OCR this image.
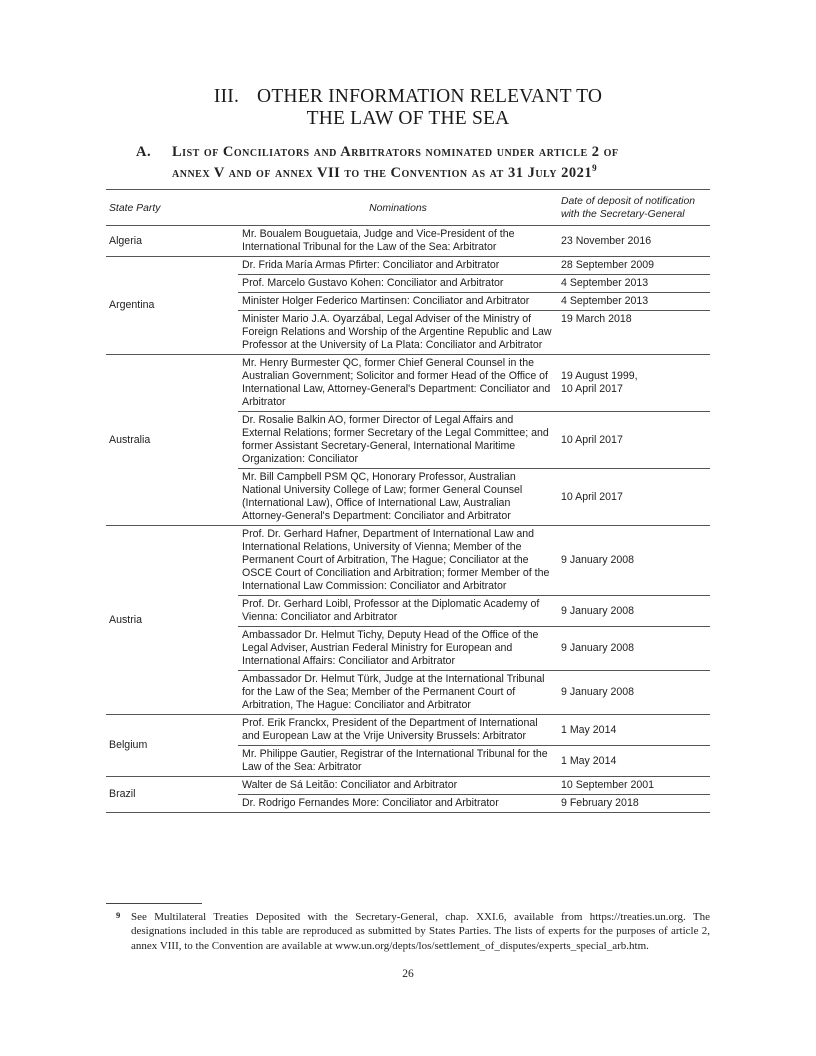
III. OTHER INFORMATION RELEVANT TO
THE LAW OF THE SEA
A.	List of Conciliators and Arbitrators nominated under article 2 of
annex V and of annex VII to the Convention as at 31 July 2021$^9$
State Party	Nominations	Date of deposit of notification
with the Secretary-General
Algeria	Mr. Boualem Bouguetaia, Judge and Vice-President of the International Tribunal for the Law of the Sea: Arbitrator	23 November 2016
Argentina	Dr. Frida María Armas Pfirter: Conciliator and Arbitrator	28 September 2009
	Prof. Marcelo Gustavo Kohen: Conciliator and Arbitrator	4 September 2013
	Minister Holger Federico Martinsen: Conciliator and Arbitrator	4 September 2013
	Minister Mario J.A. Oyarzábal, Legal Adviser of the Ministry of Foreign Relations and Worship of the Argentine Republic and Law Professor at the University of La Plata: Conciliator and Arbitrator	19 March 2018
Australia	Mr. Henry Burmester QC, former Chief General Counsel in the Australian Government; Solicitor and former Head of the Office of International Law, Attorney-General's Department: Conciliator and Arbitrator	19 August 1999,
10 April 2017
	Dr. Rosalie Balkin AO, former Director of Legal Affairs and External Relations; former Secretary of the Legal Committee; and former Assistant Secretary-General, International Maritime Organization: Conciliator	10 April 2017
	Mr. Bill Campbell PSM QC, Honorary Professor, Australian National University College of Law; former General Counsel (International Law), Office of International Law, Australian Attorney-General's Department: Conciliator and Arbitrator	10 April 2017
Austria	Prof. Dr. Gerhard Hafner, Department of International Law and International Relations, University of Vienna; Member of the Permanent Court of Arbitration, The Hague; Conciliator at the OSCE Court of Conciliation and Arbitration; former Member of the International Law Commission: Conciliator and Arbitrator	9 January 2008
	Prof. Dr. Gerhard Loibl, Professor at the Diplomatic Academy of Vienna: Conciliator and Arbitrator	9 January 2008
	Ambassador Dr. Helmut Tichy, Deputy Head of the Office of the Legal Adviser, Austrian Federal Ministry for European and International Affairs: Conciliator and Arbitrator	9 January 2008
	Ambassador Dr. Helmut Türk, Judge at the International Tribunal for the Law of the Sea; Member of the Permanent Court of Arbitration, The Hague: Conciliator and Arbitrator	9 January 2008
Belgium	Prof. Erik Franckx, President of the Department of International and European Law at the Vrije University Brussels: Arbitrator	1 May 2014
	Mr. Philippe Gautier, Registrar of the International Tribunal for the Law of the Sea: Arbitrator	1 May 2014
Brazil	Walter de Sá Leitão: Conciliator and Arbitrator	10 September 2001
	Dr. Rodrigo Fernandes More: Conciliator and Arbitrator	9 February 2018
9 See Multilateral Treaties Deposited with the Secretary-General, chap. XXI.6, available from https://treaties.un.org. The designations included in this table are reproduced as submitted by States Parties. The lists of experts for the purposes of article 2, annex VIII, to the Convention are available at www.un.org/depts/los/settlement_of_disputes/experts_special_arb.htm.
26
